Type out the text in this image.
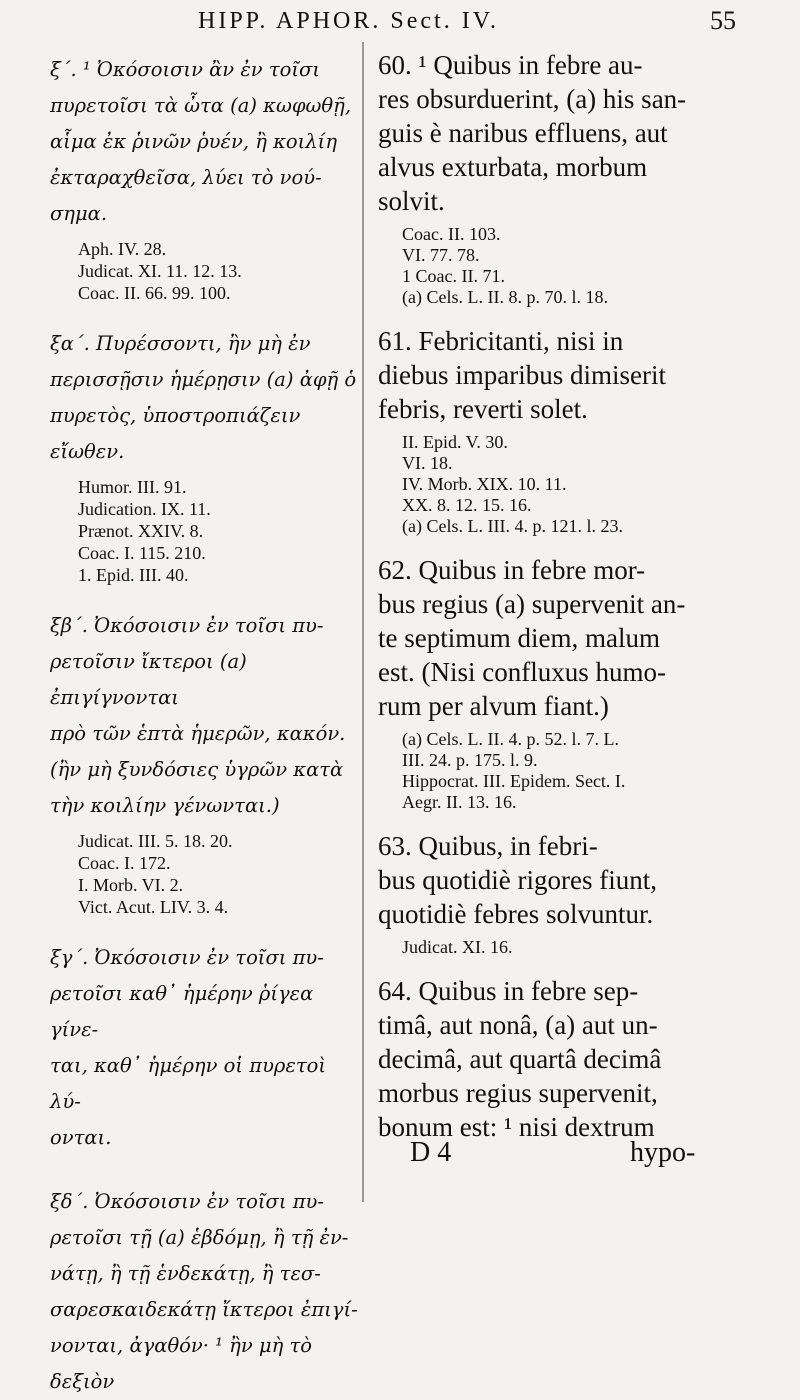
HIPP. APHOR. Sect. IV.	55

ξ΄. ¹ Ὀκόσοισιν ἂν ἐν τοῖσι
πυρετοῖσι τὰ ὦτα (a) κωφωθῇ,
αἷμα ἐκ ῥινῶν ῥυέν, ἢ κοιλίη
ἐκταραχθεῖσα, λύει τὸ νού-
σημα.

Aph. IV. 28.
Judicat. XI. 11. 12. 13.
Coac. II. 66. 99. 100.

ξα΄. Πυρέσσοντι, ἢν μὴ ἐν
περισσῇσιν ἡμέρῃσιν (a) ἀφῇ ὁ
πυρετὸς, ὑποστροπιάζειν εἴωθεν.

Humor. III. 91.
Judication. IX. 11.
Prænot. XXIV. 8.
Coac. I. 115. 210.
1. Epid. III. 40.

ξβ΄. Ὀκόσοισιν ἐν τοῖσι πυ-
ρετοῖσιν ἴκτεροι (a) ἐπιγίγνονται
πρὸ τῶν ἑπτὰ ἡμερῶν, κακόν.
(ἢν μὴ ξυνδόσιες ὑγρῶν κατὰ
τὴν κοιλίην γένωνται.)

Judicat. III. 5. 18. 20.
Coac. I. 172.
I. Morb. VI. 2.
Vict. Acut. LIV. 3. 4.

ξγ΄. Ὀκόσοισιν ἐν τοῖσι πυ-
ρετοῖσι καθ᾿ ἡμέρην ῥίγεα γίνε-
ται, καθ᾿ ἡμέρην οἱ πυρετοὶ λύ-
ονται.

ξδ΄. Ὀκόσοισιν ἐν τοῖσι πυ-
ρετοῖσι τῇ (a) ἑβδόμῃ, ἢ τῇ ἐν-
νάτῃ, ἢ τῇ ἑνδεκάτῃ, ἢ τεσ-
σαρεσκαιδεκάτῃ ἴκτεροι ἐπιγί-
νονται, ἀγαθόν· ¹ ἢν μὴ τὸ
δεξιὸν

60. ¹ Quibus in febre au-
res obsurduerint, (a) his san-
guis è naribus effluens, aut
alvus exturbata, morbum
solvit.

Coac. II. 103.
VI. 77. 78.
1 Coac. II. 71.
(a) Cels. L. II. 8. p. 70. l. 18.

61. Febricitanti, nisi in
diebus imparibus dimiserit
febris, reverti solet.

II. Epid. V. 30.
VI. 18.
IV. Morb. XIX. 10. 11.
XX. 8. 12. 15. 16.
(a) Cels. L. III. 4. p. 121. l. 23.

62. Quibus in febre mor-
bus regius (a) supervenit an-
te septimum diem, malum
est. (Nisi confluxus humo-
rum per alvum fiant.)

(a) Cels. L. II. 4. p. 52. l. 7. L.
III. 24. p. 175. l. 9.
Hippocrat. III. Epidem. Sect. I.
Aegr. II. 13. 16.

63. Quibus, in febri-
bus quotidiè rigores fiunt,
quotidiè febres solvuntur.

Judicat. XI. 16.

64. Quibus in febre sep-
timâ, aut nonâ, (a) aut un-
decimâ, aut quartâ decimâ
morbus regius supervenit,
bonum est: ¹ nisi dextrum

D 4	hypo-
